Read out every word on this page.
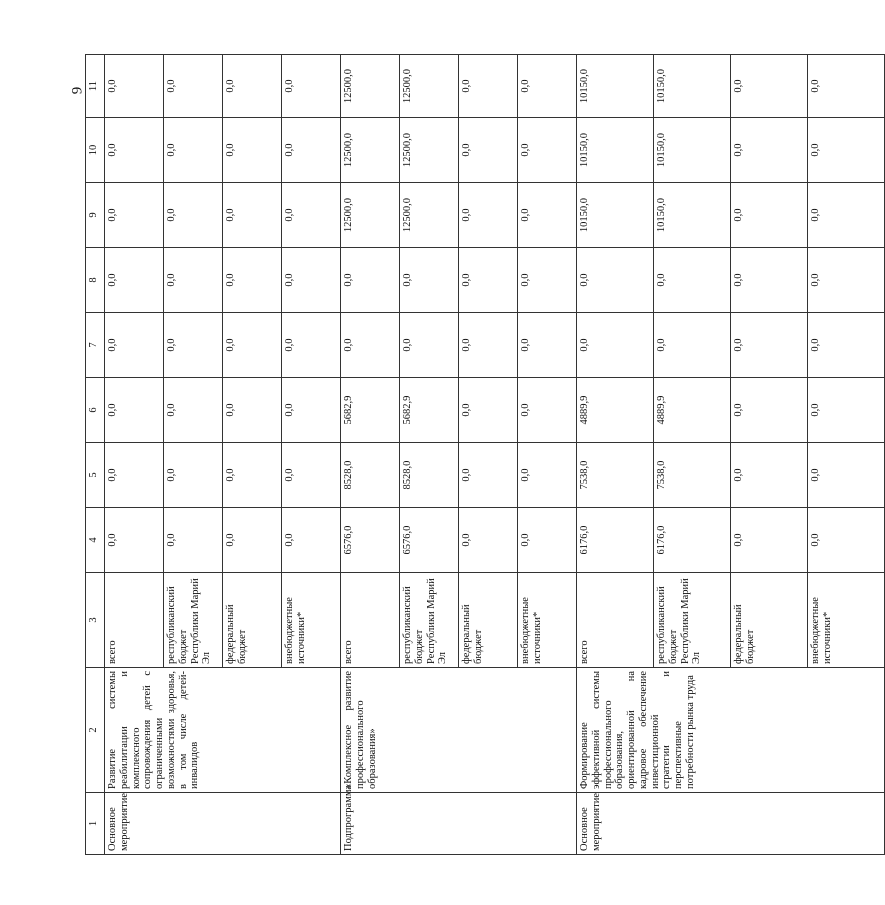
9
1	2	3	4	5	6	7	8	9	10	11
Основное мероприятие	Развитие системы реабилитации и комплексного сопровождения детей с ограниченными возможностями здоровья, в том числе детей-инвалидов	всего	0,0	0,0	0,0	0,0	0,0	0,0	0,0	0,0
		республиканский бюджет Республики Марий Эл	0,0	0,0	0,0	0,0	0,0	0,0	0,0	0,0
		федеральный бюджет	0,0	0,0	0,0	0,0	0,0	0,0	0,0	0,0
		внебюджетные источники*	0,0	0,0	0,0	0,0	0,0	0,0	0,0	0,0
Подпрограмма	«Комплексное развитие профессионального образования»	всего	6576,0	8528,0	5682,9	0,0	0,0	12500,0	12500,0	12500,0
		республиканский бюджет Республики Марий Эл	6576,0	8528,0	5682,9	0,0	0,0	12500,0	12500,0	12500,0
		федеральный бюджет	0,0	0,0	0,0	0,0	0,0	0,0	0,0	0,0
		внебюджетные источники*	0,0	0,0	0,0	0,0	0,0	0,0	0,0	0,0
Основное мероприятие	Формирование эффективной системы профессионального образования, ориентированной на кадровое обеспечение инвестиционной стратегии и перспективные потребности рынка труда	всего	6176,0	7538,0	4889,9	0,0	0,0	10150,0	10150,0	10150,0
		республиканский бюджет Республики Марий Эл	6176,0	7538,0	4889,9	0,0	0,0	10150,0	10150,0	10150,0
		федеральный бюджет	0,0	0,0	0,0	0,0	0,0	0,0	0,0	0,0
		внебюджетные источники*	0,0	0,0	0,0	0,0	0,0	0,0	0,0	0,0
